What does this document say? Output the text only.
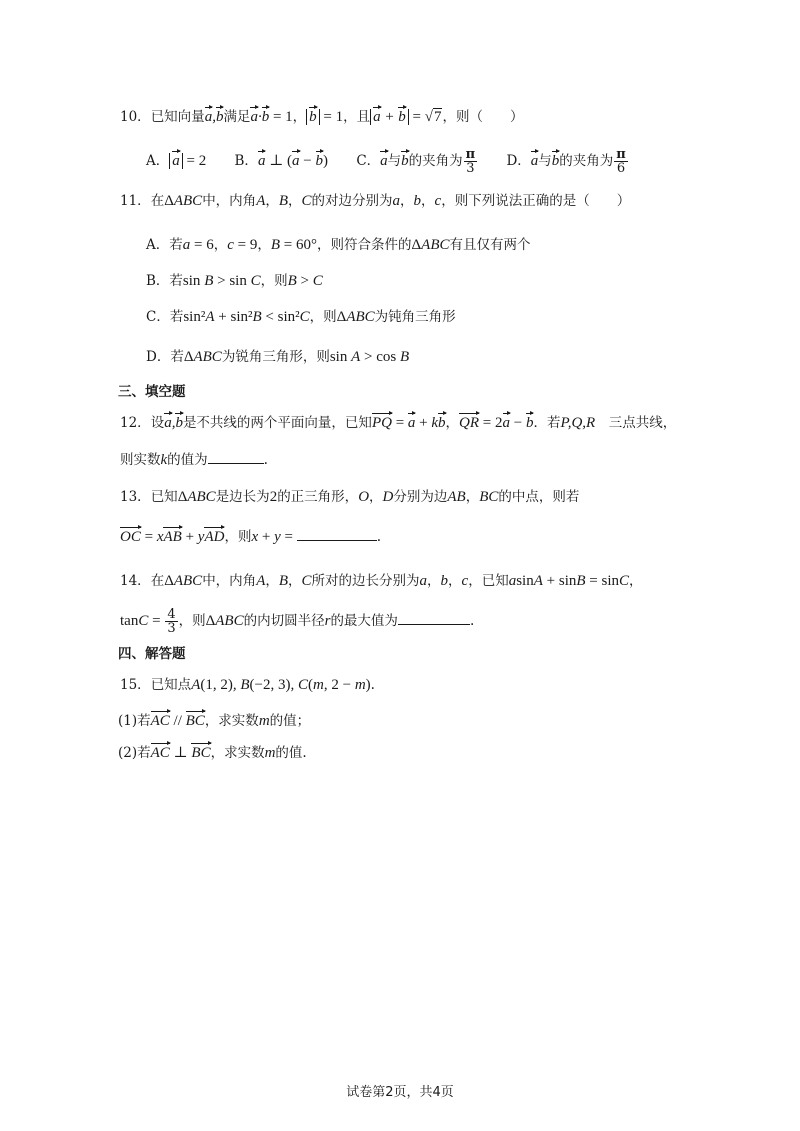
10．已知向量a,b满足a·b = 1， b = 1，且 a + b = √7，则（　　）
A． a = 2 B．a ⊥ (a − b) C．a与b的夹角为 $\frac{\pi}{3}$ D．a与b的夹角为 $\frac{\pi}{6}$
11．在ΔABC中，内角A，B，C的对边分别为a，b，c，则下列说法正确的是（　　）
A．若a = 6，c = 9，B = 60°，则符合条件的ΔABC有且仅有两个
B．若sin B > sin C，则B > C
C．若sin²A + sin²B < sin²C，则ΔABC为钝角三角形
D．若ΔABC为锐角三角形，则sin A > cos B
三、填空题
12．设a,b是不共线的两个平面向量，已知PQ = a + kb，QR = 2a − b．若P,Q,R　 三点共线，
则实数k的值为	.
13．已知ΔABC是边长为2的正三角形，O，D分别为边AB，BC的中点，则若
OC = xAB + yAD，则x + y =	.
14．在ΔABC中，内角A，B，C所对的边长分别为a，b，c，已知asinA + sinB = sinC，
$\tan C = \frac{4}{3}$ ，则ΔABC的内切圆半径r的最大值为	.
四、解答题
15．已知点A(1, 2), B(−2, 3), C(m, 2 − m).
(1)若AC // BC，求实数m的值；
(2)若AC ⊥ BC，求实数m的值.
试卷第2页，共4页
